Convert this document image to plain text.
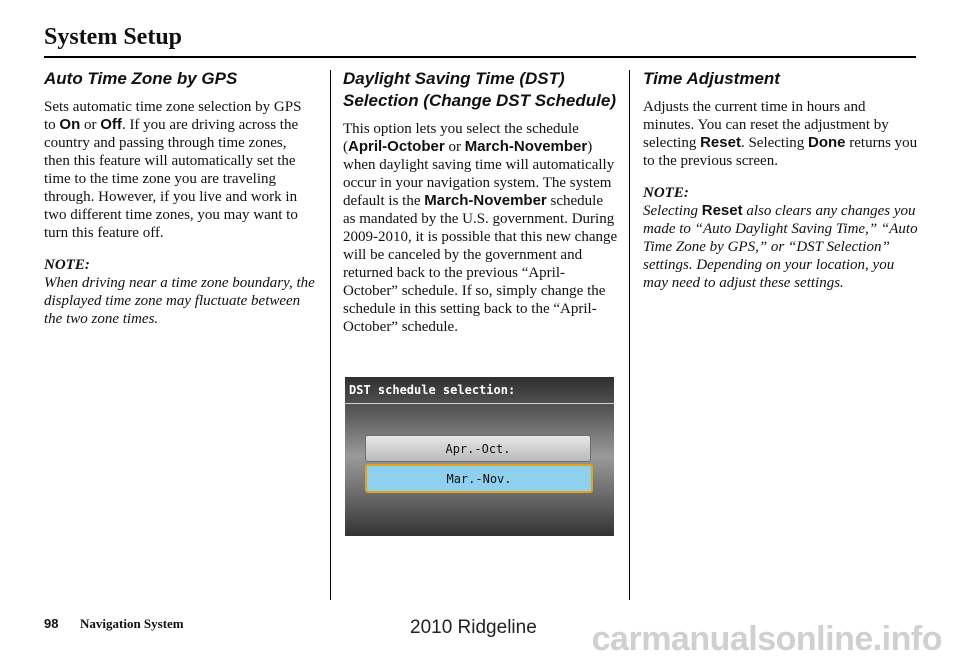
System Setup
Auto Time Zone by GPS

Sets automatic time zone selection by GPS to On or Off. If you are driving across the country and passing through time zones, then this feature will automatically set the time to the time zone you are traveling through. However, if you live and work in two different time zones, you may want to turn this feature off.

NOTE:

When driving near a time zone boundary, the displayed time zone may fluctuate between the two zone times.

Daylight Saving Time (DST) Selection (Change DST Schedule)

This option lets you select the schedule (April-October or March-November) when daylight saving time will automatically occur in your navigation system. The system default is the March-November schedule as mandated by the U.S. government. During 2009-2010, it is possible that this new change will be canceled by the government and returned back to the previous “April-October” schedule. If so, simply change the schedule in this setting back to the “April-October” schedule.

DST schedule selection:
Apr.-Oct.
Mar.-Nov.
Time Adjustment

Adjusts the current time in hours and minutes. You can reset the adjustment by selecting Reset. Selecting Done returns you to the previous screen.

NOTE:

Selecting Reset also clears any changes you made to “Auto Daylight Saving Time,” “Auto Time Zone by GPS,” or “DST Selection” settings. Depending on your location, you may need to adjust these settings.

98 Navigation System	2010 Ridgeline carmanualsonline.info
